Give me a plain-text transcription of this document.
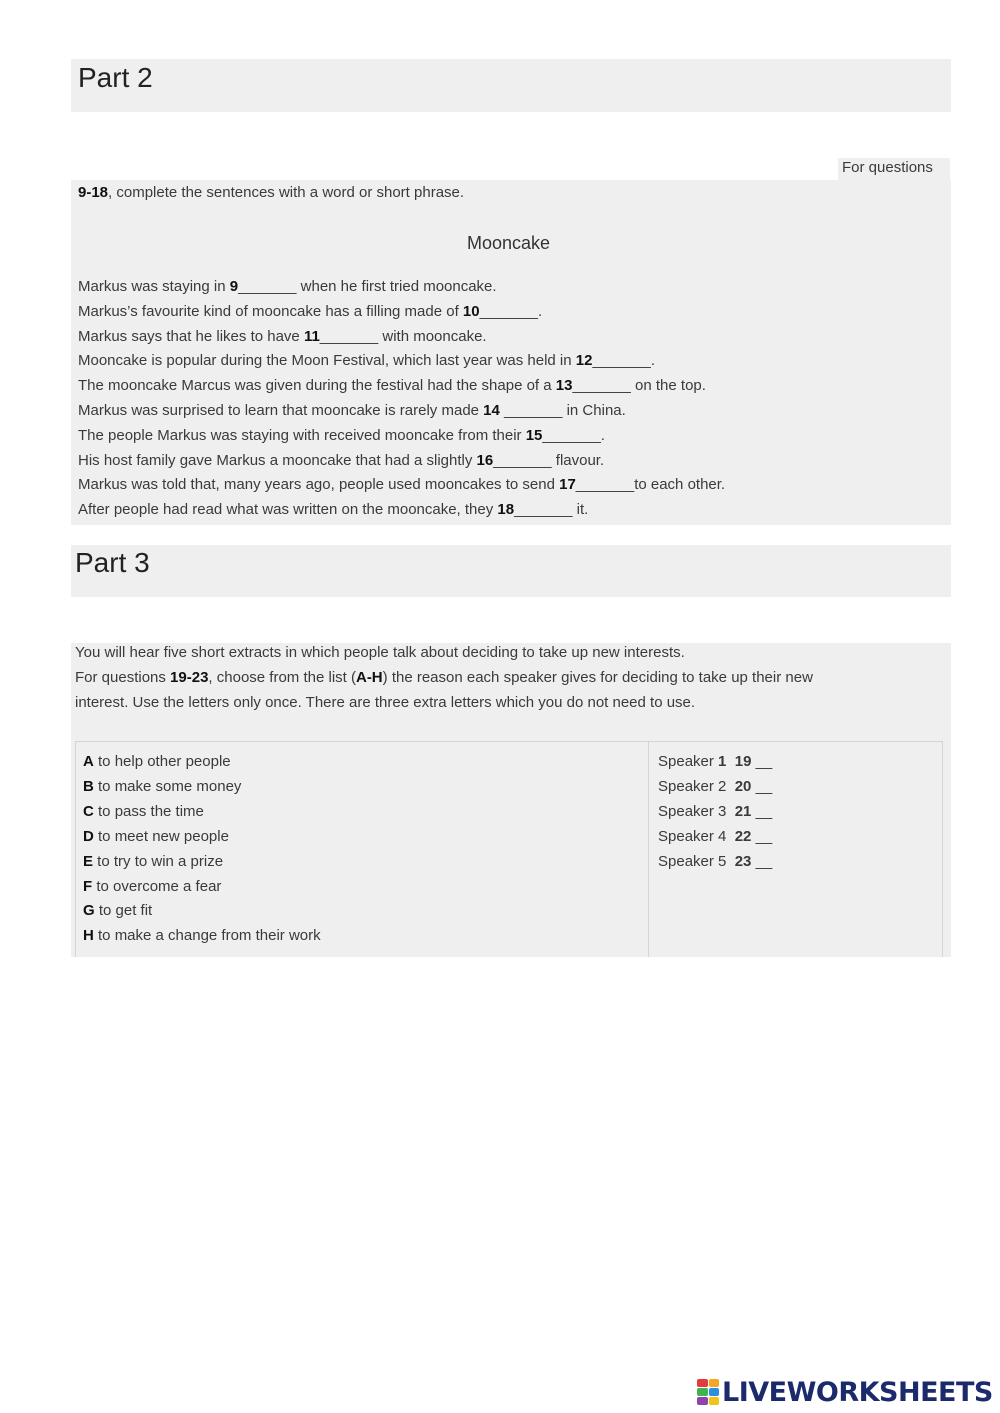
Part 2
For questions
9-18, complete the sentences with a word or short phrase.
Mooncake
Markus was staying in 9_______ when he first tried mooncake.
Markus’s favourite kind of mooncake has a filling made of 10_______.
Markus says that he likes to have 11_______ with mooncake.
Mooncake is popular during the Moon Festival, which last year was held in 12_______.
The mooncake Marcus was given during the festival had the shape of a 13_______ on the top.
Markus was surprised to learn that mooncake is rarely made 14 _______ in China.
The people Markus was staying with received mooncake from their 15_______.
His host family gave Markus a mooncake that had a slightly 16_______ flavour.
Markus was told that, many years ago, people used mooncakes to send 17_______to each other.
After people had read what was written on the mooncake, they 18_______ it.
Part 3
You will hear five short extracts in which people talk about deciding to take up new interests.
For questions 19-23, choose from the list (A-H) the reason each speaker gives for deciding to take up their new
interest. Use the letters only once. There are three extra letters which you do not need to use.
A to help other people
B to make some money
C to pass the time
D to meet new people
E to try to win a prize
F to overcome a fear
G to get fit
H to make a change from their work
Speaker 1 19 __
Speaker 2  20 __
Speaker 3  21 __
Speaker 4  22 __
Speaker 5  23 __
LIVEWORKSHEETS
